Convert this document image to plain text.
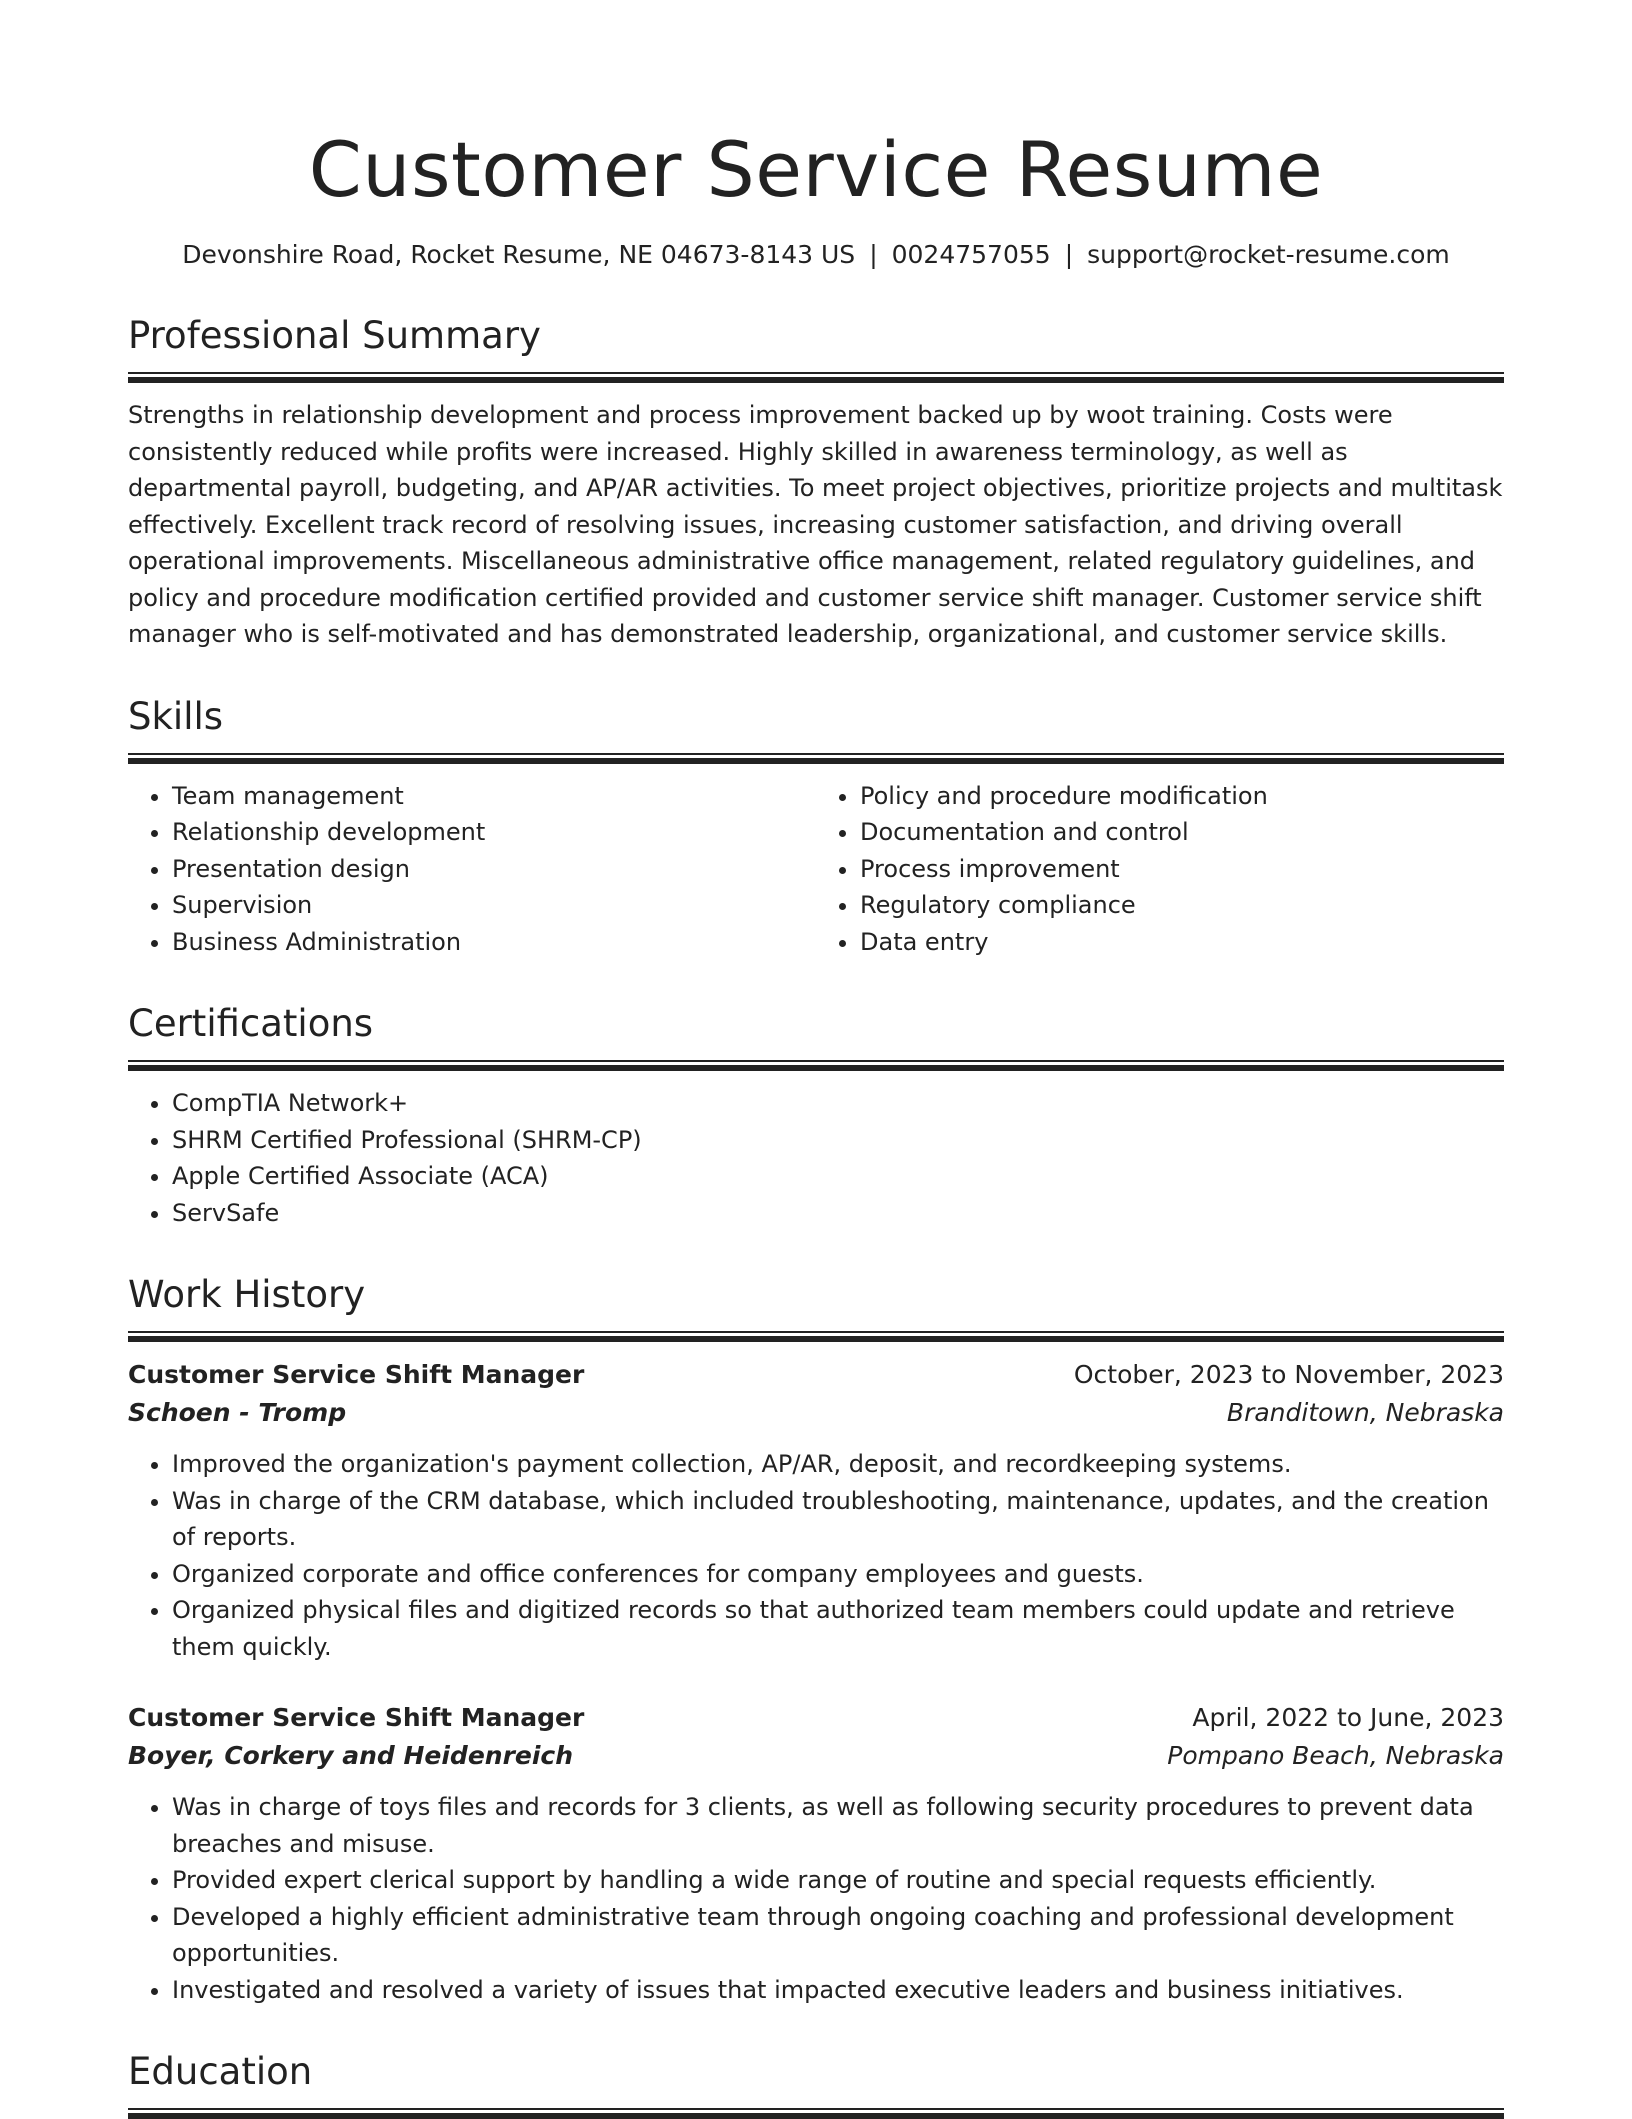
Customer Service Resume
Devonshire Road, Rocket Resume, NE 04673-8143 US | 0024757055 | support@rocket-resume.com
Professional Summary

Strengths in relationship development and process improvement backed up by woot training. Costs were consistently reduced while profits were increased. Highly skilled in awareness terminology, as well as departmental payroll, budgeting, and AP/AR activities. To meet project objectives, prioritize projects and multitask effectively. Excellent track record of resolving issues, increasing customer satisfaction, and driving overall operational improvements. Miscellaneous administrative office management, related regulatory guidelines, and policy and procedure modification certified provided and customer service shift manager. Customer service shift manager who is self-motivated and has demonstrated leadership, organizational, and customer service skills.

Skills
• Team management
• Relationship development
• Presentation design
• Supervision
• Business Administration
• Policy and procedure modification
• Documentation and control
• Process improvement
• Regulatory compliance
• Data entry
Certifications
• CompTIA Network+
• SHRM Certified Professional (SHRM-CP)
• Apple Certified Associate (ACA)
• ServSafe
Work History
Customer Service Shift Manager	October, 2023 to November, 2023
Schoen - Tromp	Branditown, Nebraska
• Improved the organization's payment collection, AP/AR, deposit, and recordkeeping systems.
• Was in charge of the CRM database, which included troubleshooting, maintenance, updates, and the creation of reports.
• Organized corporate and office conferences for company employees and guests.
• Organized physical files and digitized records so that authorized team members could update and retrieve them quickly.
Customer Service Shift Manager	April, 2022 to June, 2023
Boyer, Corkery and Heidenreich	Pompano Beach, Nebraska
• Was in charge of toys files and records for 3 clients, as well as following security procedures to prevent data breaches and misuse.
• Provided expert clerical support by handling a wide range of routine and special requests efficiently.
• Developed a highly efficient administrative team through ongoing coaching and professional development opportunities.
• Investigated and resolved a variety of issues that impacted executive leaders and business initiatives.
Education
